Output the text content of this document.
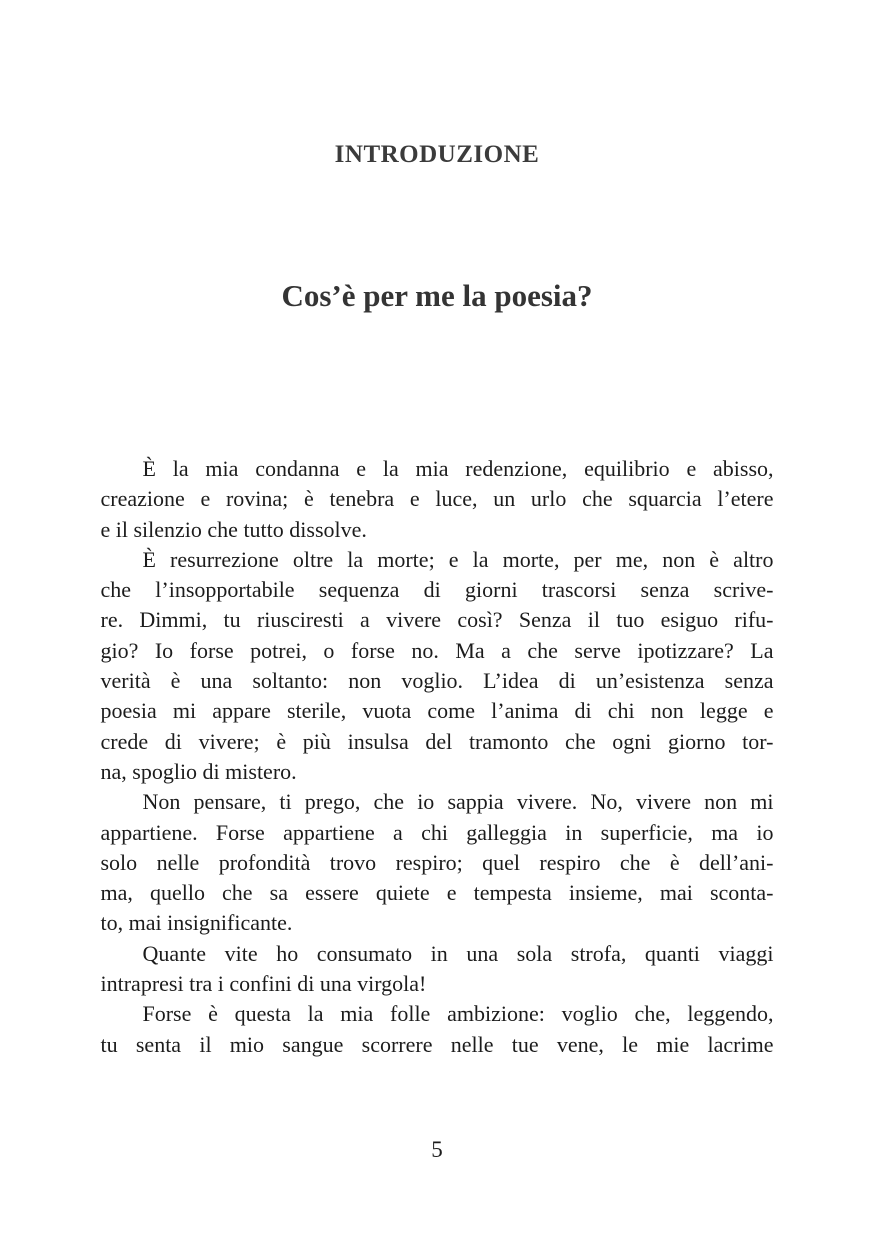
INTRODUZIONE
Cos’è per me la poesia?

È la mia condanna e la mia redenzione, equilibrio e abisso,
creazione e rovina; è tenebra e luce, un urlo che squarcia l’etere
e il silenzio che tutto dissolve.

È resurrezione oltre la morte; e la morte, per me, non è altro
che l’insopportabile sequenza di giorni trascorsi senza scrive-
re. Dimmi, tu riusciresti a vivere così? Senza il tuo esiguo rifu-
gio? Io forse potrei, o forse no. Ma a che serve ipotizzare? La
verità è una soltanto: non voglio. L’idea di un’esistenza senza
poesia mi appare sterile, vuota come l’anima di chi non legge e
crede di vivere; è più insulsa del tramonto che ogni giorno tor-
na, spoglio di mistero.

Non pensare, ti prego, che io sappia vivere. No, vivere non mi
appartiene. Forse appartiene a chi galleggia in superficie, ma io
solo nelle profondità trovo respiro; quel respiro che è dell’ani-
ma, quello che sa essere quiete e tempesta insieme, mai sconta-
to, mai insignificante.

Quante vite ho consumato in una sola strofa, quanti viaggi
intrapresi tra i confini di una virgola!

Forse è questa la mia folle ambizione: voglio che, leggendo,
tu senta il mio sangue scorrere nelle tue vene, le mie lacrime

5
